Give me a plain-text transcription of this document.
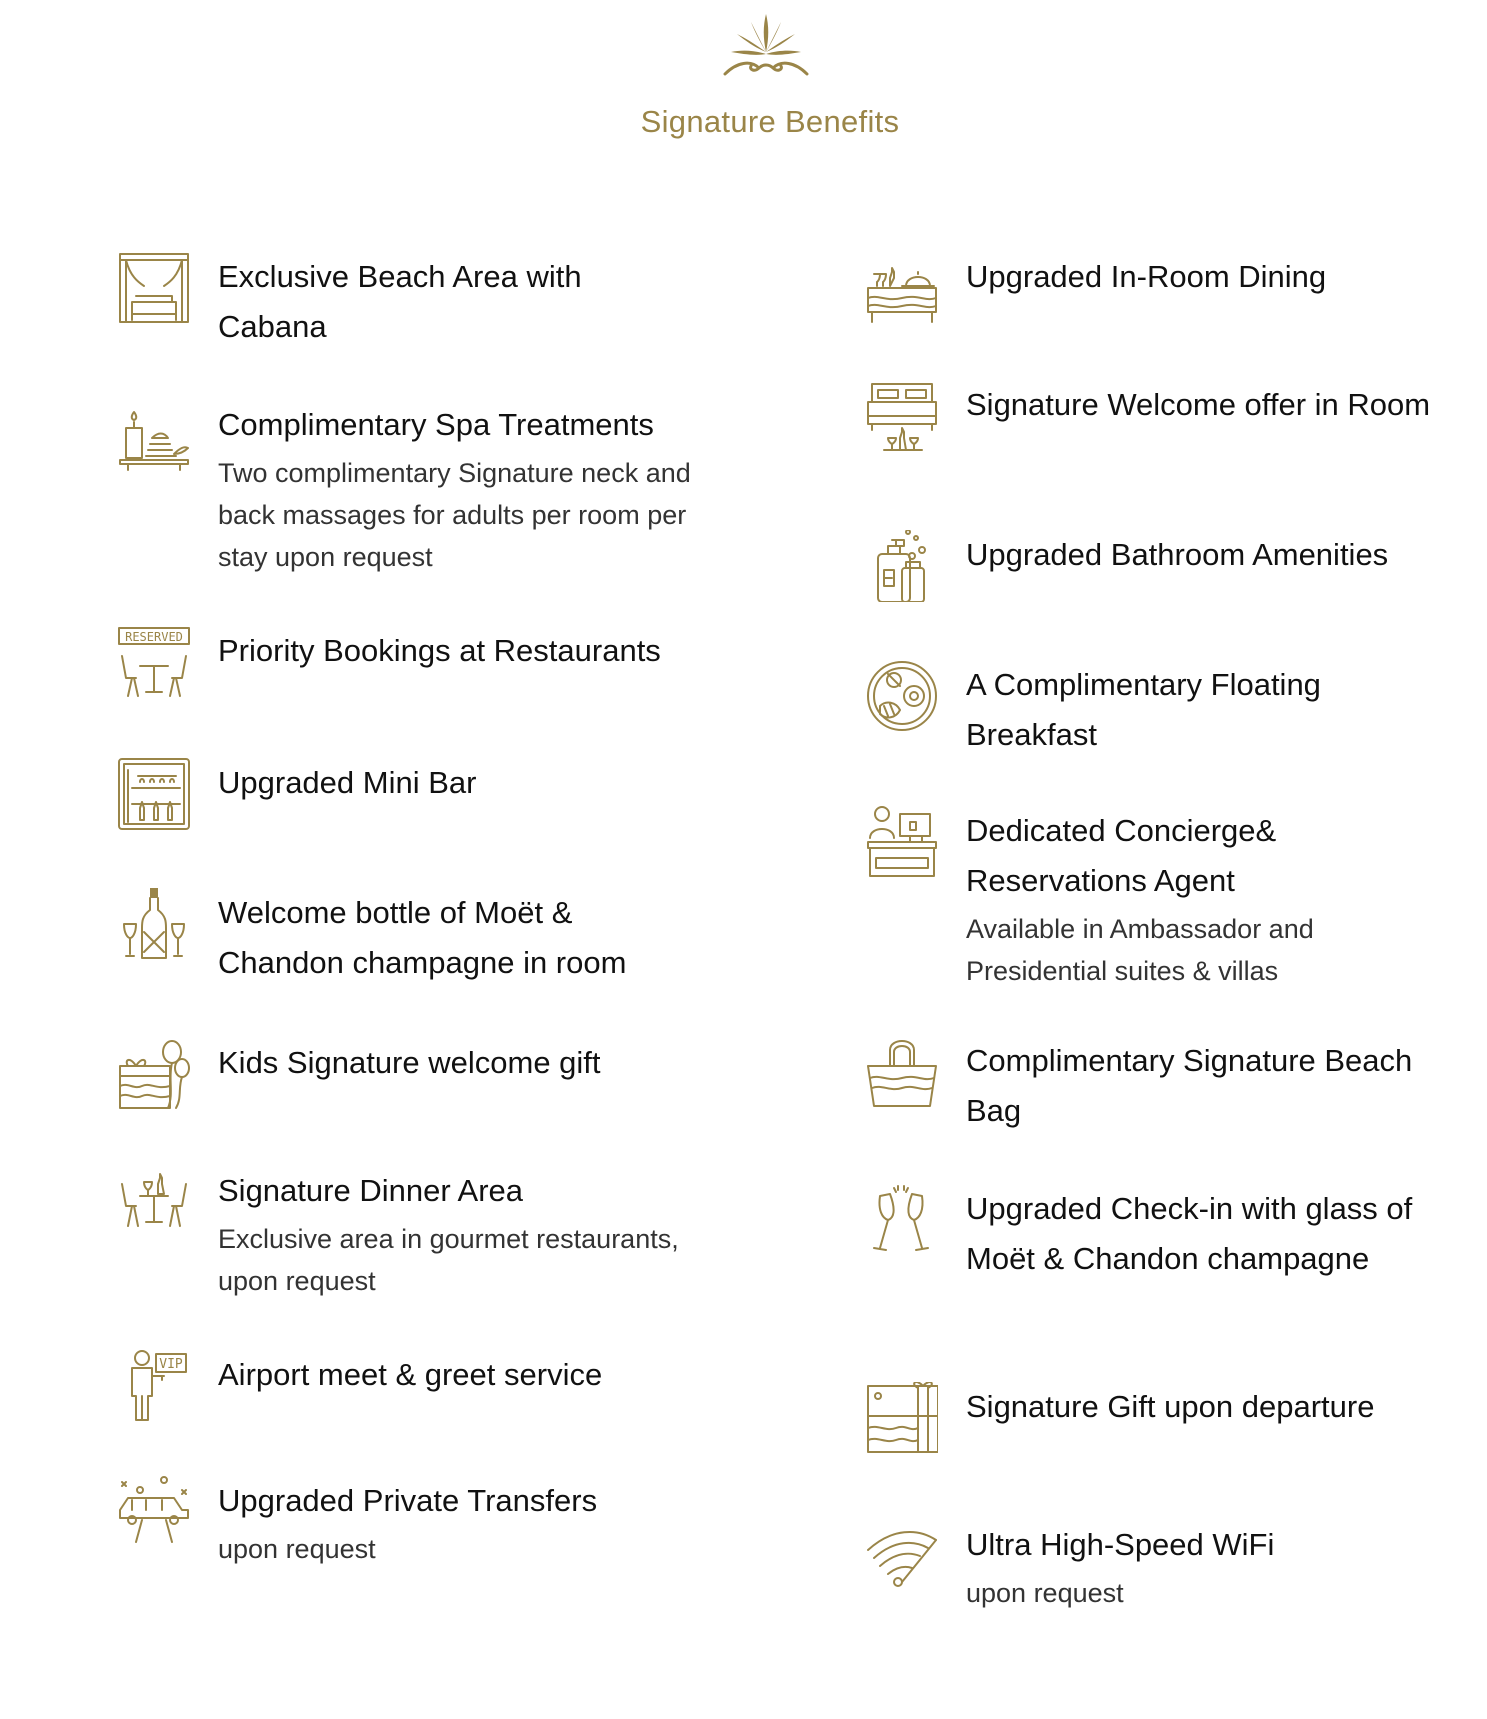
Signature Benefits
Exclusive Beach Area with Cabana
Complimentary Spa Treatments
Two complimentary Signature neck and back massages for adults per room per stay upon request
RESERVED Priority Bookings at Restaurants
Upgraded Mini Bar
Welcome bottle of Moët & Chandon champagne in room
Kids Signature welcome gift
Signature Dinner Area
Exclusive area in gourmet restaurants, upon request
VIP Airport meet & greet service
Upgraded Private Transfers
upon request
Upgraded In-Room Dining
Signature Welcome offer in Room
Upgraded Bathroom Amenities
A Complimentary Floating Breakfast
Dedicated Concierge& Reservations Agent
Available in Ambassador and Presidential suites & villas
Complimentary Signature Beach Bag
Upgraded Check-in with glass of Moët & Chandon champagne
Signature Gift upon departure
Ultra High-Speed WiFi
upon request
